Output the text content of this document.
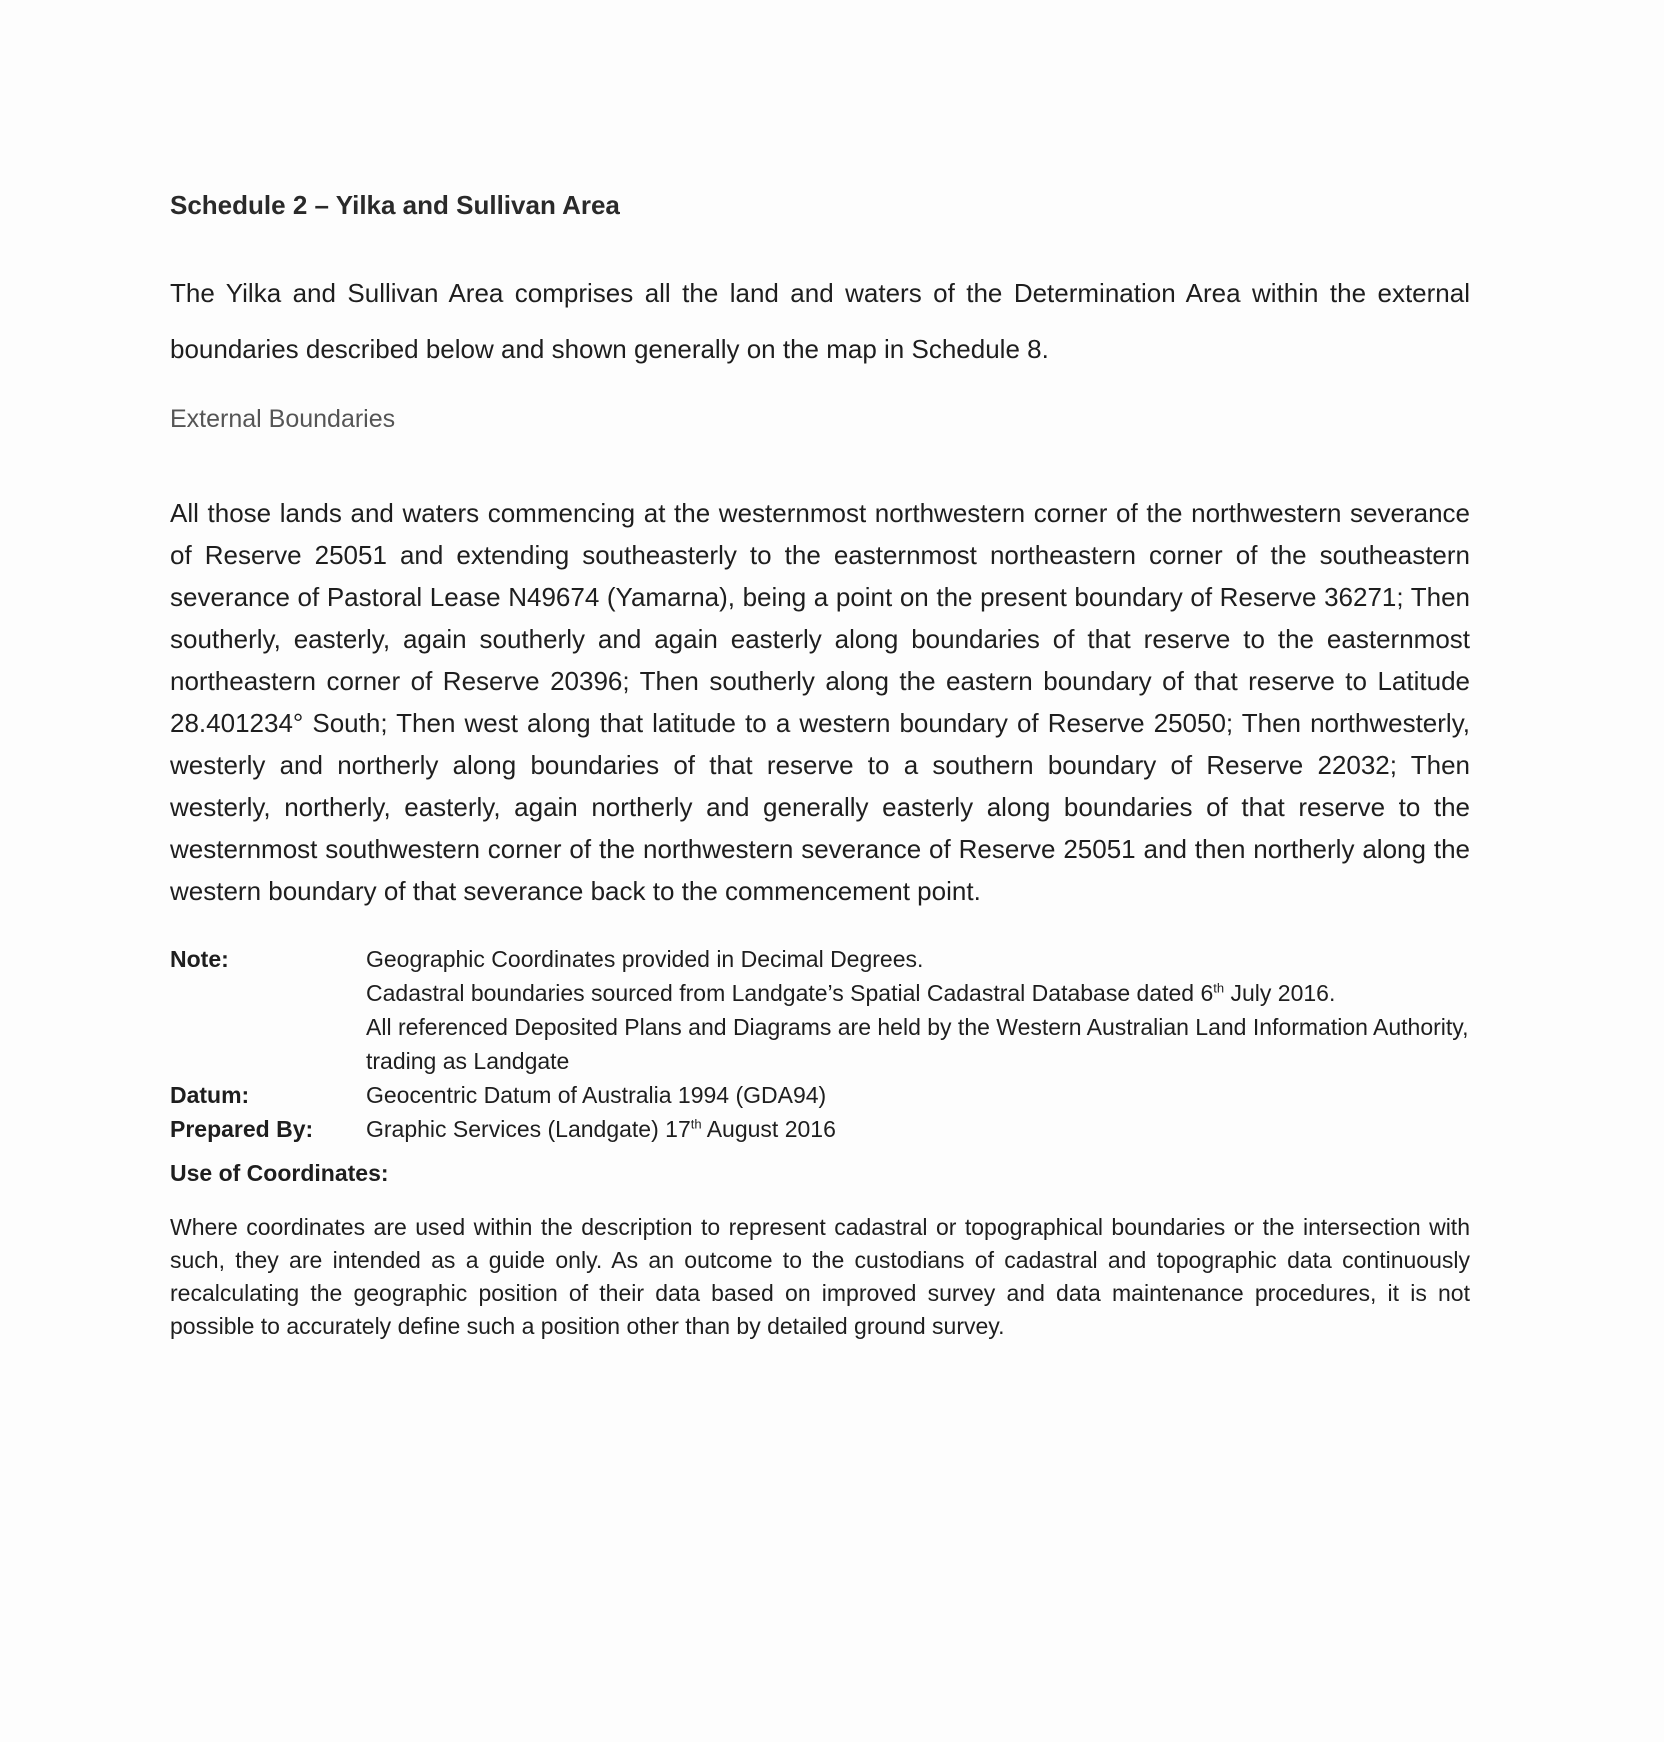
Schedule 2 – Yilka and Sullivan Area

The Yilka and Sullivan Area comprises all the land and waters of the Determination Area within the external boundaries described below and shown generally on the map in Schedule 8.

External Boundaries

All those lands and waters commencing at the westernmost northwestern corner of the northwestern severance of Reserve 25051 and extending southeasterly to the easternmost northeastern corner of the southeastern severance of Pastoral Lease N49674 (Yamarna), being a point on the present boundary of Reserve 36271; Then southerly, easterly, again southerly and again easterly along boundaries of that reserve to the easternmost northeastern corner of Reserve 20396; Then southerly along the eastern boundary of that reserve to Latitude 28.401234° South; Then west along that latitude to a western boundary of Reserve 25050; Then northwesterly, westerly and northerly along boundaries of that reserve to a southern boundary of Reserve 22032; Then westerly, northerly, easterly, again northerly and generally easterly along boundaries of that reserve to the westernmost southwestern corner of the northwestern severance of Reserve 25051 and then northerly along the western boundary of that severance back to the commencement point.

Note:	Geographic Coordinates provided in Decimal Degrees.
Cadastral boundaries sourced from Landgate’s Spatial Cadastral Database dated 6th July 2016.
All referenced Deposited Plans and Diagrams are held by the Western Australian Land Information Authority, trading as Landgate
Datum:	Geocentric Datum of Australia 1994 (GDA94)
Prepared By:	Graphic Services (Landgate) 17th August 2016
Use of Coordinates:

Where coordinates are used within the description to represent cadastral or topographical boundaries or the intersection with such, they are intended as a guide only. As an outcome to the custodians of cadastral and topographic data continuously recalculating the geographic position of their data based on improved survey and data maintenance procedures, it is not possible to accurately define such a position other than by detailed ground survey.
